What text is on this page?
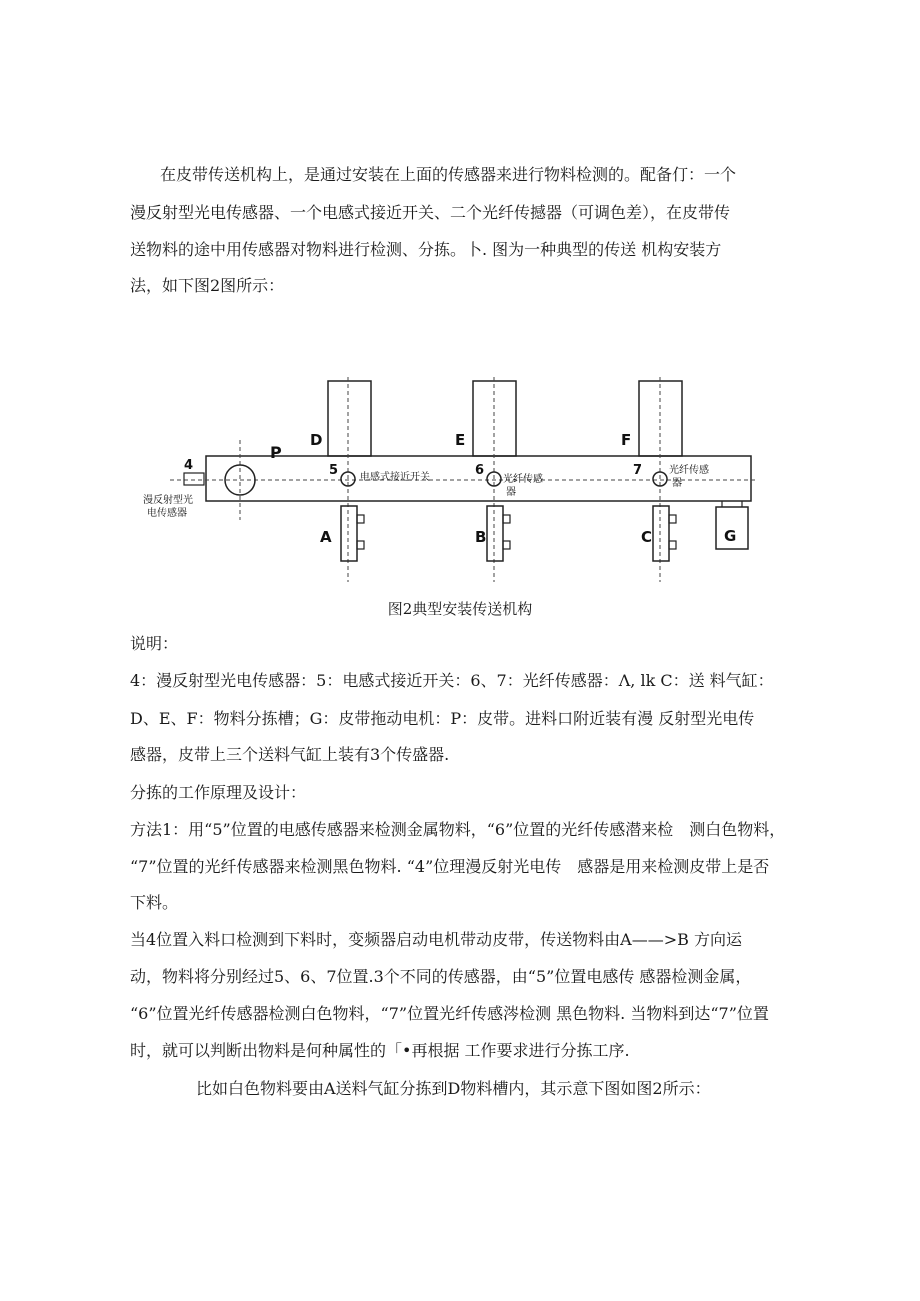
在皮带传送机构上，是通过安装在上面的传感器来进行物料检测的。配备仃：一个
漫反射型光电传感器、一个电感式接近开关、二个光纤传撼器（可调色差），在皮带传
送物料的途中用传感器对物料进行检测、分拣。卜. 图为一种典型的传送 机构安装方
法，如下图2图所示：
D	E	F
P
4	5	6	7
电感式接近开关	光纤传感
器
光纤传感
器
漫反射型光
电传感器
A	B	C	G
图2典型安装传送机构
说明：
4：漫反射型光电传感器：5：电感式接近开关：6、7：光纤传感器：Λ, lk C：送 料气缸：
D、E、F：物料分拣槽；G：皮带拖动电机：P：皮带。进料口附近装有漫 反射型光电传
感器，皮带上三个送料气缸上装有3个传盛器.
分拣的工作原理及设计：
方法1：用“5”位置的电感传感器来检测金属物料，“6”位置的光纤传感潜来检　测白色物料，
“7”位置的光纤传感器来检测黑色物料. “4”位理漫反射光电传　感器是用来检测皮带上是否
下料。
当4位置入料口检测到下料时，变频器启动电机带动皮带，传送物料由A——>B 方向运
动，物料将分别经过5、6、7位置.3个不同的传感器，由“5”位置电感传 感器检测金属，
“6”位置光纤传感器检测白色物料，“7”位置光纤传感涔检测 黑色物料. 当物料到达“7”位置
时，就可以判断出物料是何种属性的「•再根据 工作要求进行分拣工序.
比如白色物料要由A送料气缸分拣到D物料槽内，其示意下图如图2所示：
